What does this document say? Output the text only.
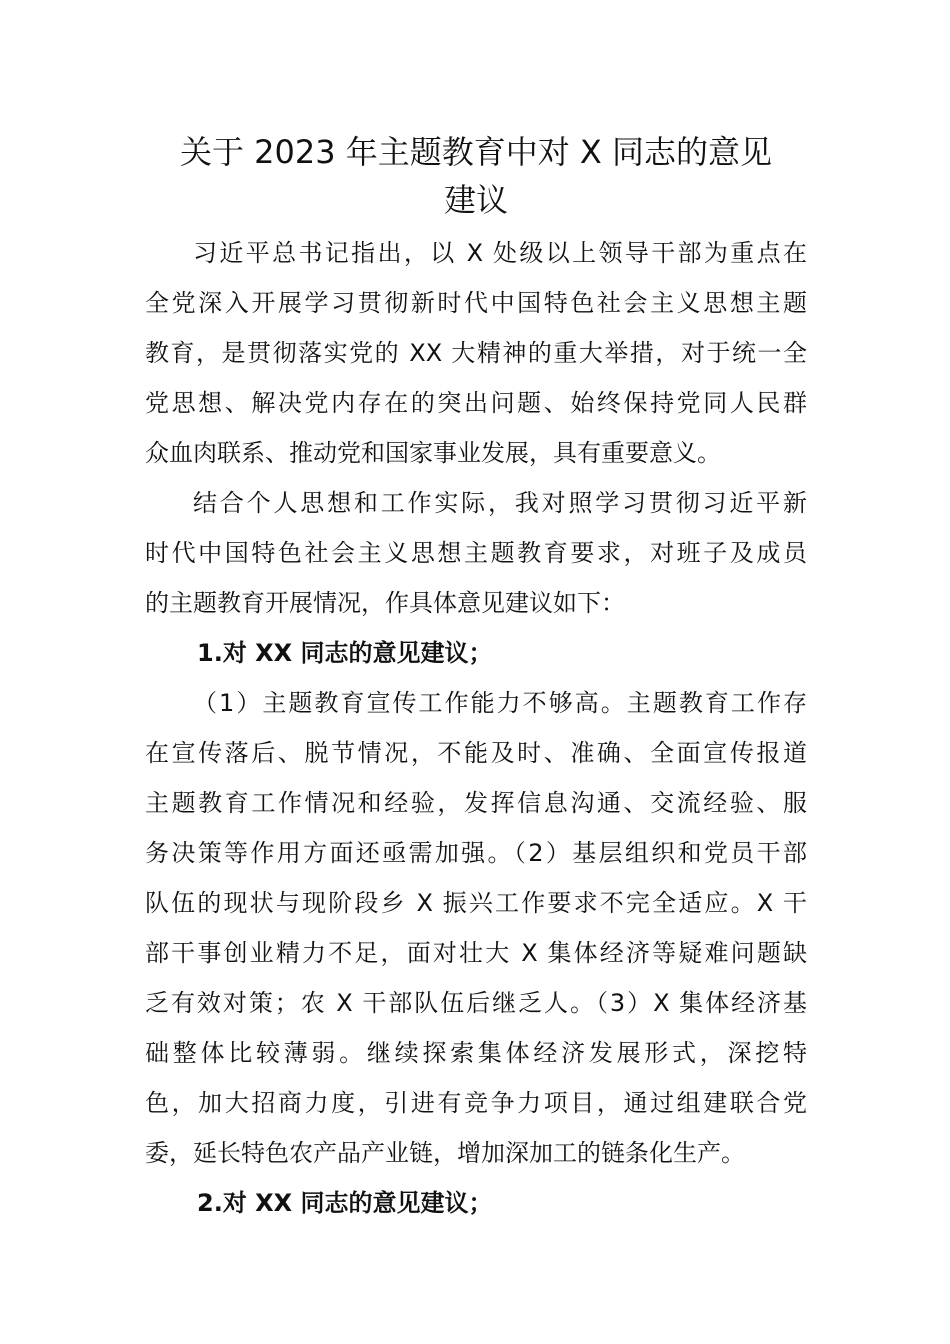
关于 2023 年主题教育中对 X 同志的意见
建议

习近平总书记指出，以 X 处级以上领导干部为重点在
全党深入开展学习贯彻新时代中国特色社会主义思想主题
教育，是贯彻落实党的 XX 大精神的重大举措，对于统一全
党思想、解决党内存在的突出问题、始终保持党同人民群
众血肉联系、推动党和国家事业发展，具有重要意义。

结合个人思想和工作实际，我对照学习贯彻习近平新
时代中国特色社会主义思想主题教育要求，对班子及成员
的主题教育开展情况，作具体意见建议如下：

1.对 XX 同志的意见建议；

（1）主题教育宣传工作能力不够高。主题教育工作存
在宣传落后、脱节情况，不能及时、准确、全面宣传报道
主题教育工作情况和经验，发挥信息沟通、交流经验、服
务决策等作用方面还亟需加强。（2）基层组织和党员干部
队伍的现状与现阶段乡 X 振兴工作要求不完全适应。X 干
部干事创业精力不足，面对壮大 X 集体经济等疑难问题缺
乏有效对策；农 X 干部队伍后继乏人。（3）X 集体经济基
础整体比较薄弱。继续探索集体经济发展形式，深挖特
色，加大招商力度，引进有竞争力项目，通过组建联合党
委，延长特色农产品产业链，增加深加工的链条化生产。

2.对 XX 同志的意见建议；
